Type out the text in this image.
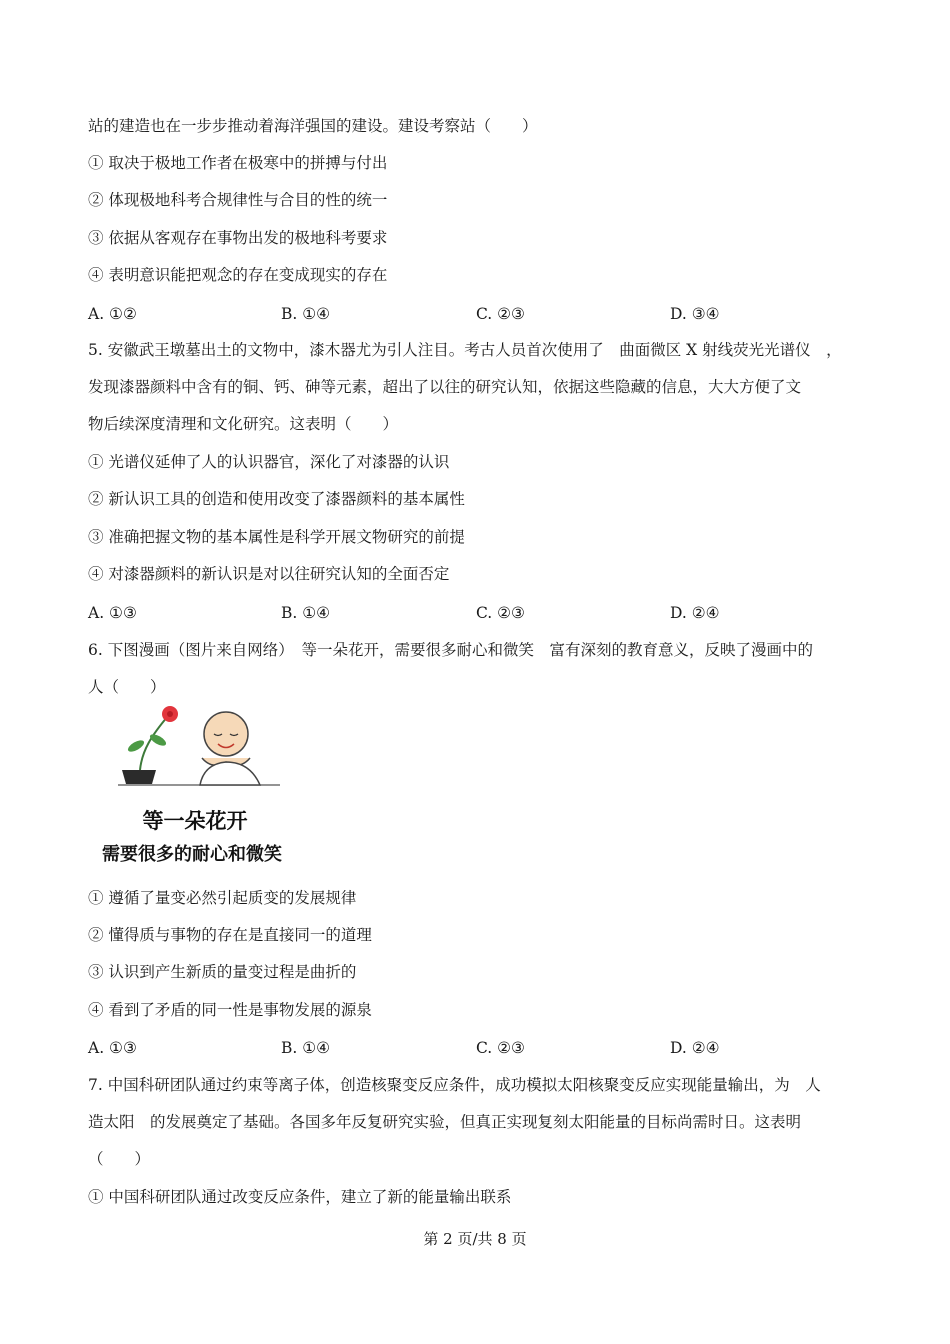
站的建造也在一步步推动着海洋强国的建设。建设考察站（　　）
① 取决于极地工作者在极寒中的拼搏与付出
② 体现极地科考合规律性与合目的性的统一
③ 依据从客观存在事物出发的极地科考要求
④ 表明意识能把观念的存在变成现实的存在
A. ①②	B. ①④	C. ②③	D. ③④
5. 安徽武王墩墓出土的文物中，漆木器尤为引人注目。考古人员首次使用了　曲面微区 X 射线荧光光谱仪　，
发现漆器颜料中含有的铜、钙、砷等元素，超出了以往的研究认知，依据这些隐藏的信息，大大方便了文
物后续深度清理和文化研究。这表明（　　）
① 光谱仪延伸了人的认识器官，深化了对漆器的认识
② 新认识工具的创造和使用改变了漆器颜料的基本属性
③ 准确把握文物的基本属性是科学开展文物研究的前提
④ 对漆器颜料的新认识是对以往研究认知的全面否定
A. ①③	B. ①④	C. ②③	D. ②④
6. 下图漫画（图片来自网络）　等一朵花开，需要很多耐心和微笑　富有深刻的教育意义，反映了漫画中的
人（　　）
等一朵花开
需要很多的耐心和微笑
① 遵循了量变必然引起质变的发展规律
② 懂得质与事物的存在是直接同一的道理
③ 认识到产生新质的量变过程是曲折的
④ 看到了矛盾的同一性是事物发展的源泉
A. ①③	B. ①④	C. ②③	D. ②④
7. 中国科研团队通过约束等离子体，创造核聚变反应条件，成功模拟太阳核聚变反应实现能量输出，为　人
造太阳　的发展奠定了基础。各国多年反复研究实验，但真正实现复刻太阳能量的目标尚需时日。这表明
（　　）
① 中国科研团队通过改变反应条件，建立了新的能量输出联系
第 2 页/共 8 页
